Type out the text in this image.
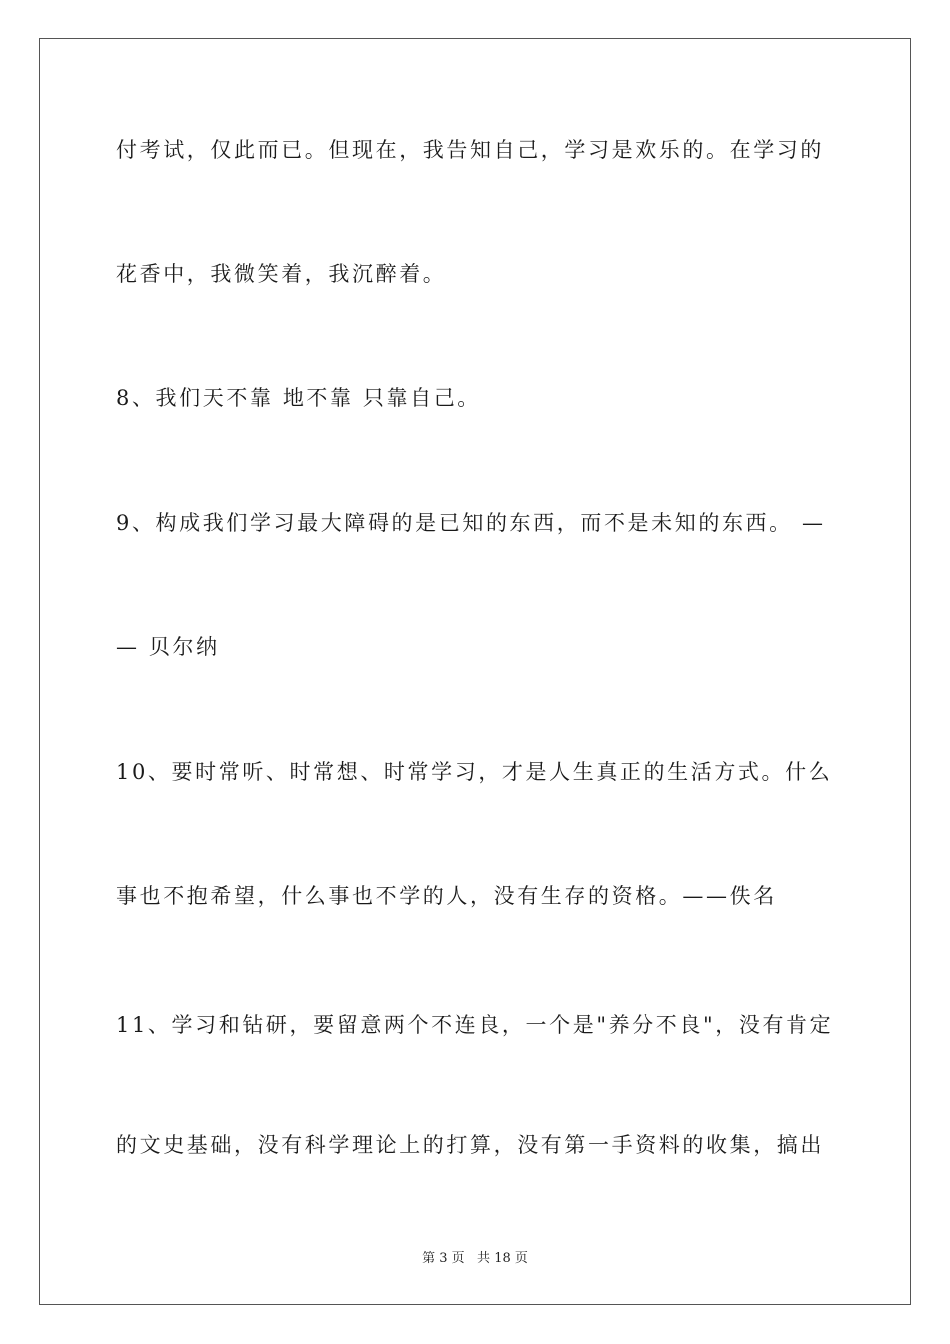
付考试，仅此而已。但现在，我告知自己，学习是欢乐的。在学习的
花香中，我微笑着，我沉醉着。
8、我们天不靠 地不靠 只靠自己。
9、构成我们学习最大障碍的是已知的东西，而不是未知的东西。 —
— 贝尔纳
10、要时常听、时常想、时常学习，才是人生真正的生活方式。什么
事也不抱希望，什么事也不学的人，没有生存的资格。——佚名
11、学习和钻研，要留意两个不连良，一个是"养分不良"，没有肯定
的文史基础，没有科学理论上的打算，没有第一手资料的收集，搞出
第 3 页   共 18 页
